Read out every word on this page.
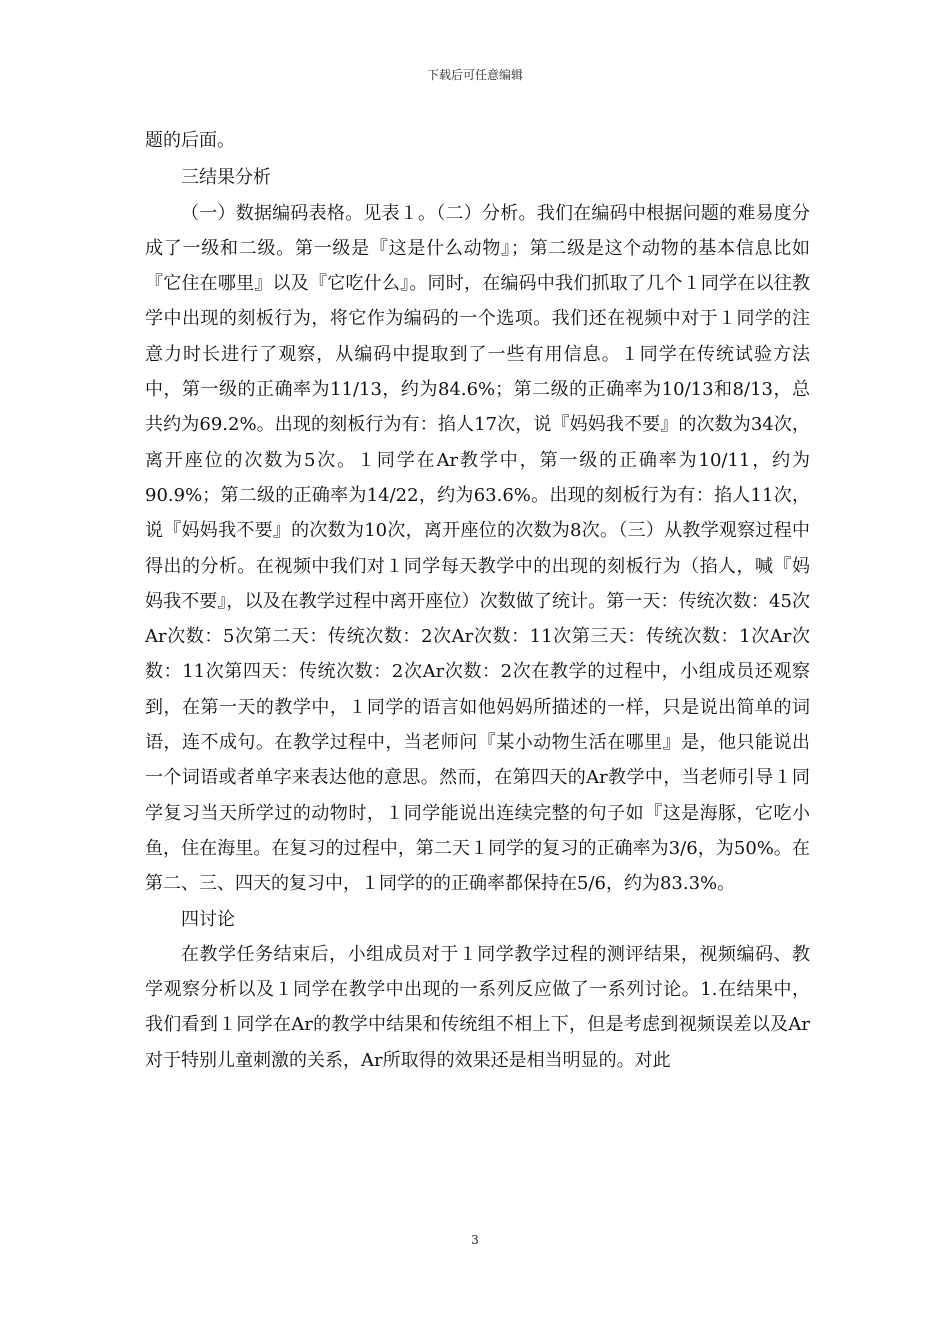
下载后可任意编辑

题的后面。

三结果分析

（一）数据编码表格。见表１。（二）分析。我们在编码中根据问题的难易度分成了一级和二级。第一级是『这是什么动物』；第二级是这个动物的基本信息比如『它住在哪里』以及『它吃什么』。同时，在编码中我们抓取了几个１同学在以往教学中出现的刻板行为，将它作为编码的一个选项。我们还在视频中对于１同学的注意力时长进行了观察，从编码中提取到了一些有用信息。１同学在传统试验方法中，第一级的正确率为11/13，约为84.6%；第二级的正确率为10/13和8/13，总共约为69.2%。出现的刻板行为有：掐人17次，说『妈妈我不要』的次数为34次，离开座位的次数为5次。１同学在Ar教学中，第一级的正确率为10/11，约为90.9%；第二级的正确率为14/22，约为63.6%。出现的刻板行为有：掐人11次，说『妈妈我不要』的次数为10次，离开座位的次数为8次。（三）从教学观察过程中得出的分析。在视频中我们对１同学每天教学中的出现的刻板行为（掐人，喊『妈妈我不要』，以及在教学过程中离开座位）次数做了统计。第一天：传统次数：45次Ar次数：5次第二天：传统次数：2次Ar次数：11次第三天：传统次数：1次Ar次数：11次第四天：传统次数：2次Ar次数：2次在教学的过程中，小组成员还观察到，在第一天的教学中，１同学的语言如他妈妈所描述的一样，只是说出简单的词语，连不成句。在教学过程中，当老师问『某小动物生活在哪里』是，他只能说出一个词语或者单字来表达他的意思。然而，在第四天的Ar教学中，当老师引导１同学复习当天所学过的动物时，１同学能说出连续完整的句子如『这是海豚，它吃小鱼，住在海里。在复习的过程中，第二天１同学的复习的正确率为3/6，为50%。在第二、三、四天的复习中，１同学的的正确率都保持在5/6，约为83.3%。

四讨论

在教学任务结束后，小组成员对于１同学教学过程的测评结果，视频编码、教学观察分析以及１同学在教学中出现的一系列反应做了一系列讨论。1.在结果中，我们看到１同学在Ar的教学中结果和传统组不相上下，但是考虑到视频误差以及Ar对于特别儿童刺激的关系，Ar所取得的效果还是相当明显的。对此

3
